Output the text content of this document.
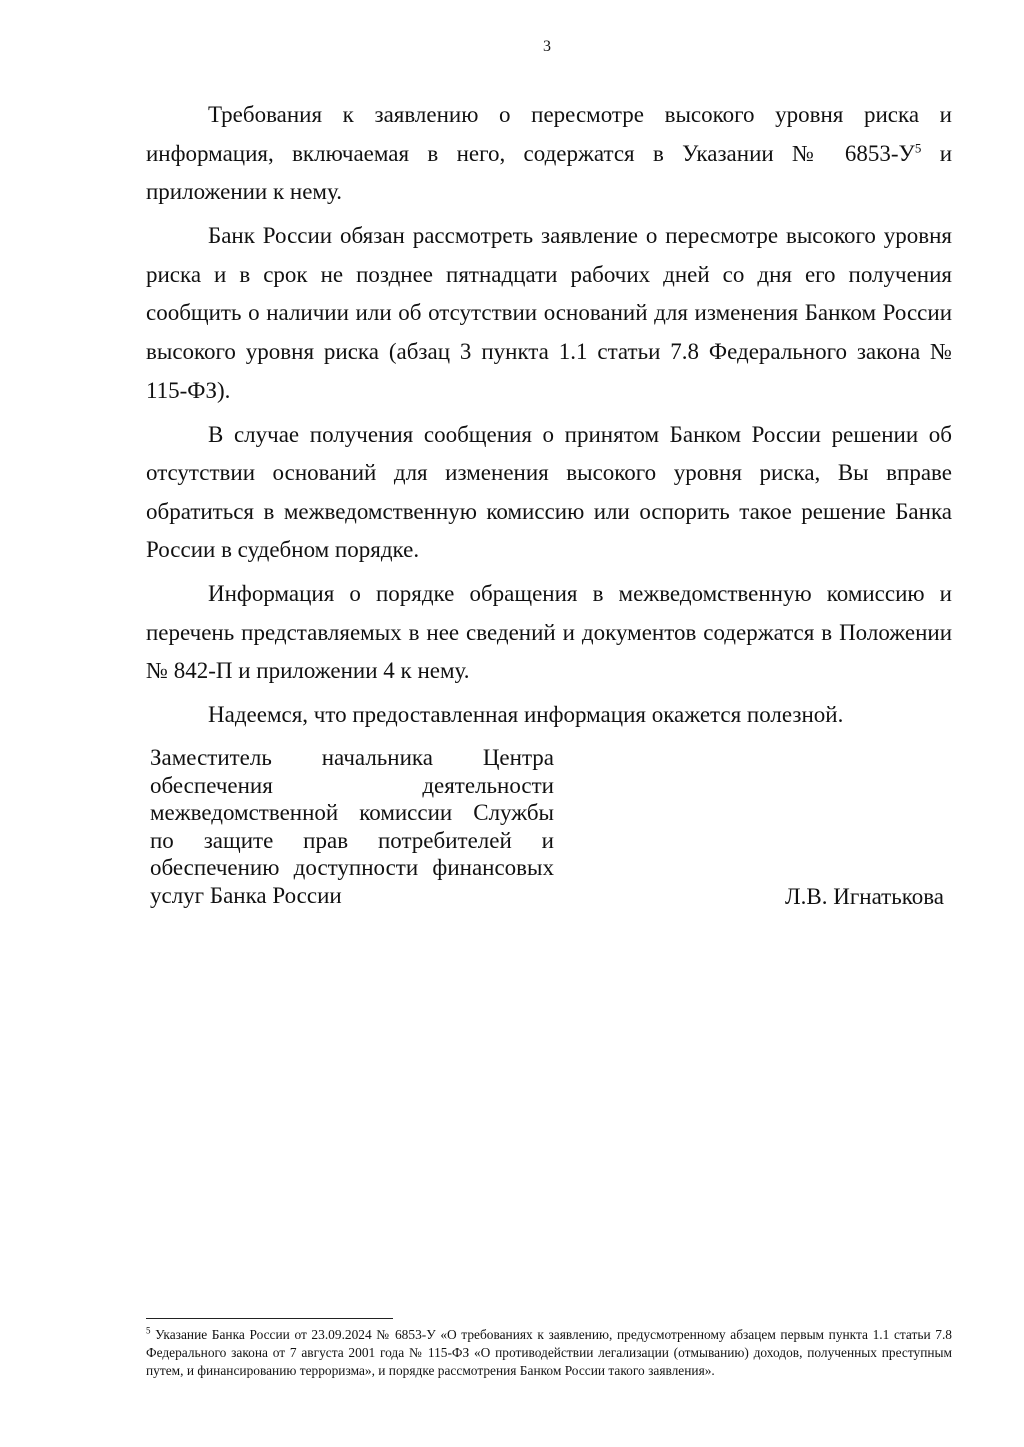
3

Требования к заявлению о пересмотре высокого уровня риска и информация, включаемая в него, содержатся в Указании № $6853-У^5$ и приложении к нему.

Банк России обязан рассмотреть заявление о пересмотре высокого уровня риска и в срок не позднее пятнадцати рабочих дней со дня его получения сообщить о наличии или об отсутствии оснований для изменения Банком России высокого уровня риска (абзац 3 пункта 1.1 статьи 7.8 Федерального закона № 115-ФЗ).

В случае получения сообщения о принятом Банком России решении об отсутствии оснований для изменения высокого уровня риска, Вы вправе обратиться в межведомственную комиссию или оспорить такое решение Банка России в судебном порядке.

Информация о порядке обращения в межведомственную комиссию и перечень представляемых в нее сведений и документов содержатся в Положении № 842-П и приложении 4 к нему.

Надеемся, что предоставленная информация окажется полезной.

Заместитель начальника Центра
обеспечения деятельности
межведомственной комиссии Службы
по защите прав потребителей и
обеспечению доступности финансовых
услуг Банка России	Л.В. Игнатькова
$^5$ Указание Банка России от 23.09.2024 № 6853-У «О требованиях к заявлению, предусмотренному абзацем первым пункта 1.1 статьи 7.8 Федерального закона от 7 августа 2001 года № 115-ФЗ «О противодействии легализации (отмыванию) доходов, полученных преступным путем, и финансированию терроризма», и порядке рассмотрения Банком России такого заявления».
